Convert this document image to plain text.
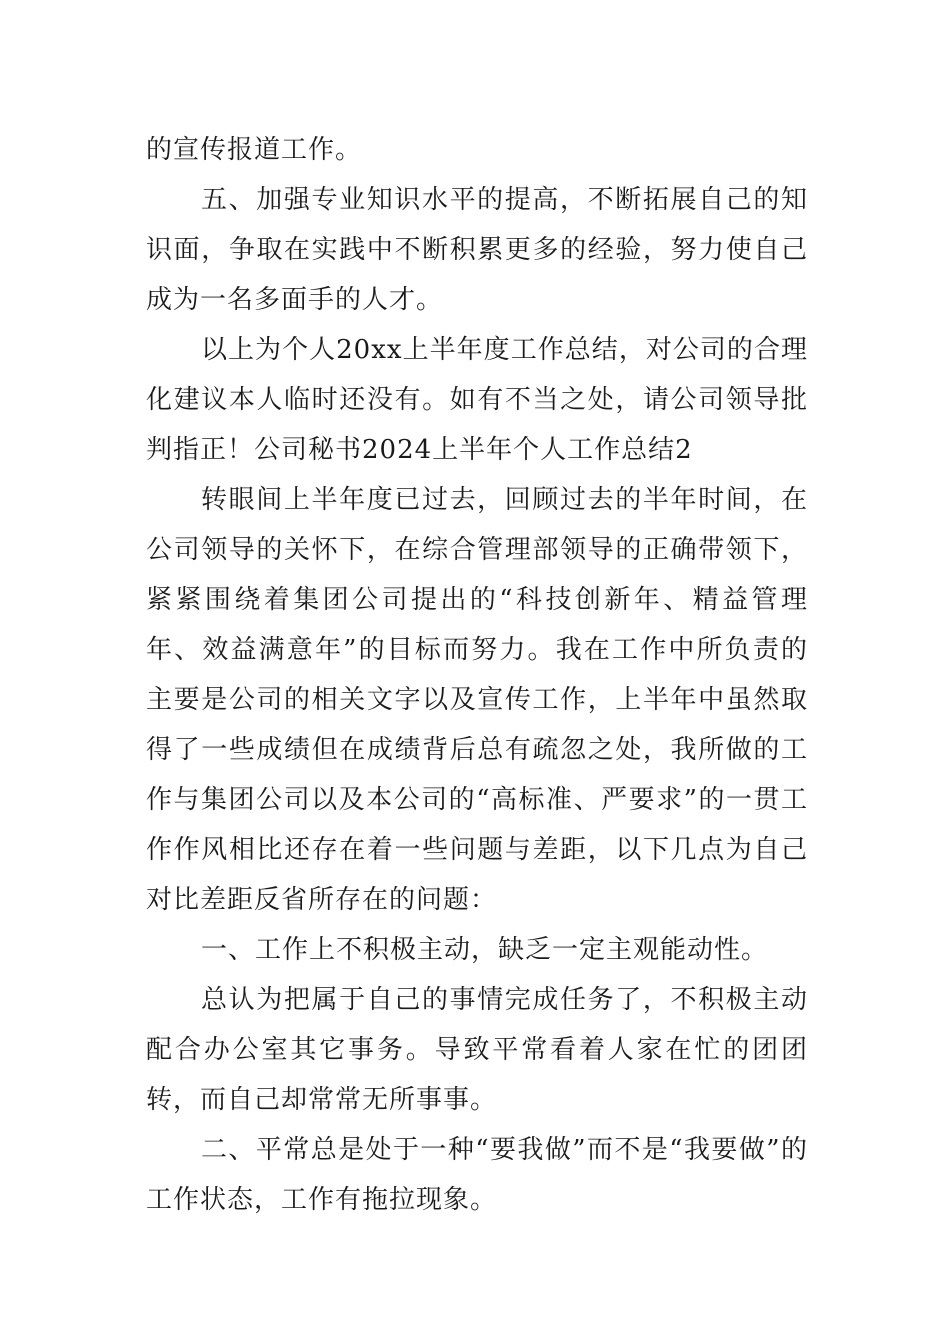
的宣传报道工作。

五、加强专业知识水平的提高，不断拓展自己的知识面，争取在实践中不断积累更多的经验，努力使自己成为一名多面手的人才。

以上为个人20xx上半年度工作总结，对公司的合理化建议本人临时还没有。如有不当之处，请公司领导批判指正！公司秘书2024上半年个人工作总结2

转眼间上半年度已过去，回顾过去的半年时间，在公司领导的关怀下，在综合管理部领导的正确带领下，紧紧围绕着集团公司提出的“科技创新年、精益管理年、效益满意年”的目标而努力。我在工作中所负责的主要是公司的相关文字以及宣传工作，上半年中虽然取得了一些成绩但在成绩背后总有疏忽之处，我所做的工作与集团公司以及本公司的“高标准、严要求”的一贯工作作风相比还存在着一些问题与差距，以下几点为自己对比差距反省所存在的问题：

一、工作上不积极主动，缺乏一定主观能动性。

总认为把属于自己的事情完成任务了，不积极主动配合办公室其它事务。导致平常看着人家在忙的团团转，而自己却常常无所事事。

二、平常总是处于一种“要我做”而不是“我要做”的工作状态，工作有拖拉现象。
